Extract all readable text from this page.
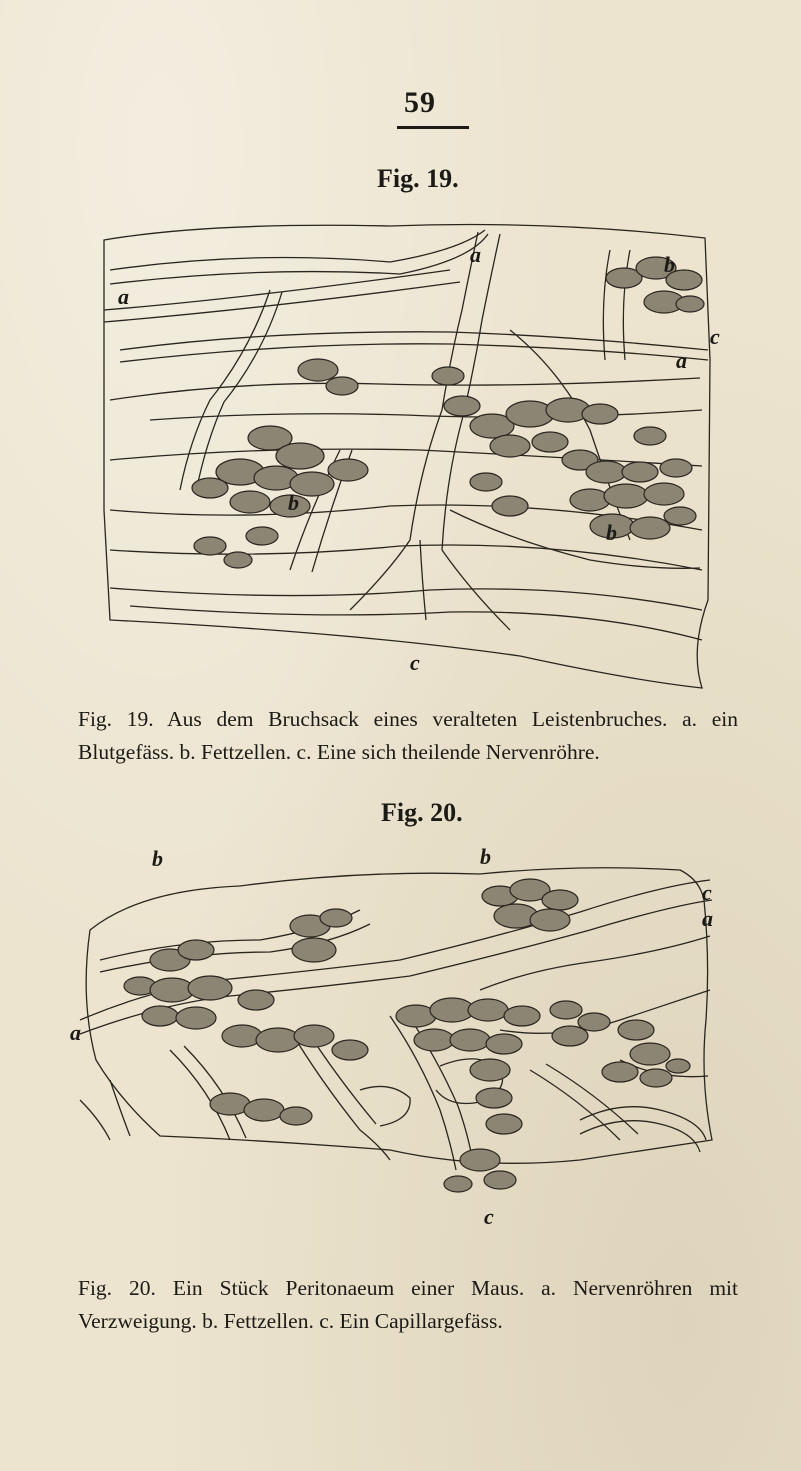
59
Fig. 19.
a
a
b
c
a
b
b
c
Fig. 19. Aus dem Bruchsack eines veralteten Leistenbruches. a. ein
Blutgefäss. b. Fettzellen. c. Eine sich theilende Nervenröhre.
Fig. 20.
b	b
c
a
a
c
Fig. 20. Ein Stück Peritonaeum einer Maus. a. Nervenröhren mit
Verzweigung. b. Fettzellen. c. Ein Capillargefäss.
